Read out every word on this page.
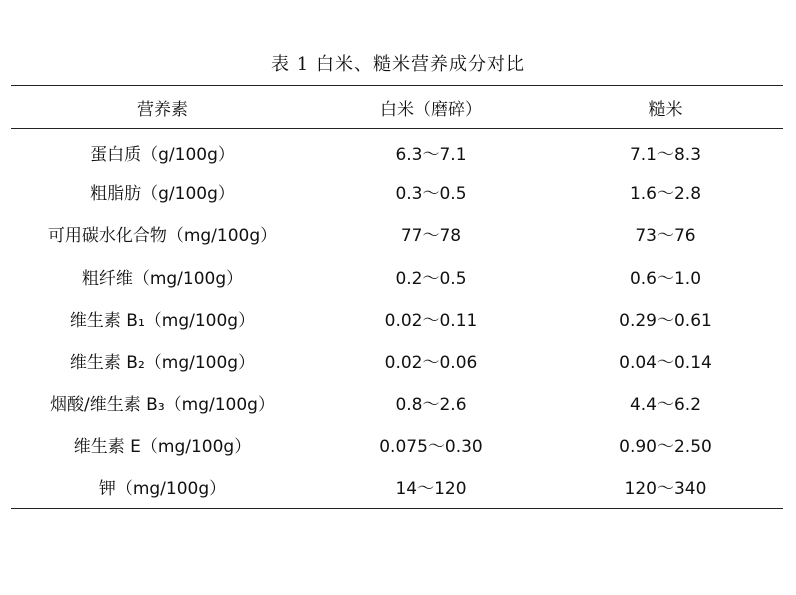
表 1 白米、糙米营养成分对比
营养素	白米（磨碎）	糙米
蛋白质（g/100g）	6.3～7.1	7.1～8.3
粗脂肪（g/100g）	0.3～0.5	1.6～2.8
可用碳水化合物（mg/100g）	77～78	73～76
粗纤维（mg/100g）	0.2～0.5	0.6～1.0
维生素 B₁（mg/100g）	0.02～0.11	0.29～0.61
维生素 B₂（mg/100g）	0.02～0.06	0.04～0.14
烟酸/维生素 B₃（mg/100g）	0.8～2.6	4.4～6.2
维生素 E（mg/100g）	0.075～0.30	0.90～2.50
钾（mg/100g）	14～120	120～340
